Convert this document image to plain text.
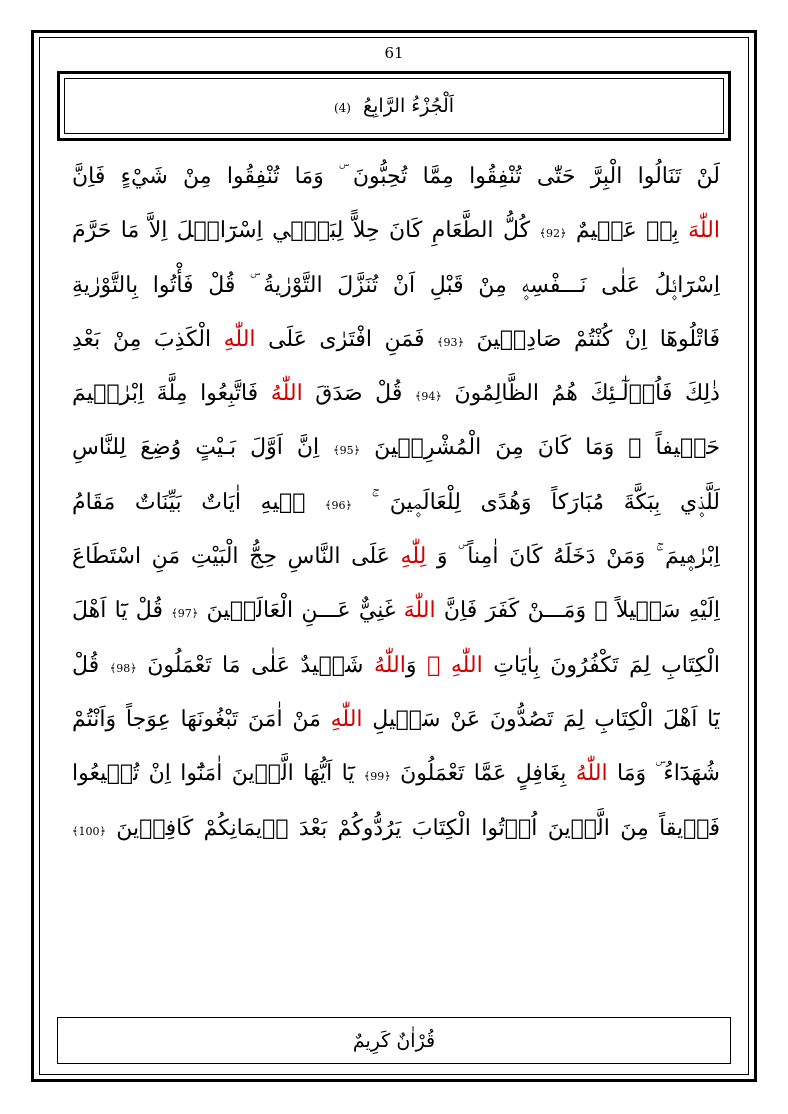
61
اَلْجُزْءُ الرَّابِعُ (4)
لَنْ تَنَالُوا الْبِرَّ حَتّٰى تُنْفِقُوا مِمَّا تُحِبُّونَ ۜ وَمَا تُنْفِقُوا مِنْ شَيْءٍ فَاِنَّ
اللّٰهَ بِه۪ عَل۪يمٌ ﴿92﴾ كُلُّ الطَّعَامِ كَانَ حِلاًّ لِبَن۪ٓي اِسْرَٓائ۪لَ اِلاَّ مَا حَرَّمَ
اِسْرَٓائ۪لُ عَلٰى نَـــفْسِه۪ مِنْ قَبْلِ اَنْ تُنَزَّلَ التَّوْرٰيةُ ۜ قُلْ فَأْتُوا بِالتَّوْرٰيةِ
فَاتْلُوهَٓا اِنْ كُنْتُمْ صَادِق۪ينَ ﴿93﴾ فَمَنِ افْتَرٰى عَلَى اللّٰهِ الْكَذِبَ مِنْ بَعْدِ
ذٰلِكَ فَاُو۬لٰٓـئِكَ هُمُ الظَّالِمُونَ ﴿94﴾ قُلْ صَدَقَ اللّٰهُ فَاتَّبِعُوا مِلَّةَ اِبْرٰه۪يمَ
حَن۪يفاً ۜ وَمَا كَانَ مِنَ الْمُشْرِك۪ينَ ﴿95﴾ اِنَّ اَوَّلَ بَـيْتٍ وُضِعَ لِلنَّاسِ
لَلَّذ۪ي بِبَكَّةَ مُبَارَكاً وَهُدًى لِلْعَالَم۪ينَ ۚ ﴿96﴾ ف۪يهِ اٰيَاتٌ بَيِّنَاتٌ مَقَامُ
اِبْرٰه۪يمَ ۚ وَمَنْ دَخَلَهُ كَانَ اٰمِناً ۜ وَ لِلّٰهِ عَلَى النَّاسِ حِجُّ الْبَيْتِ مَنِ اسْتَطَاعَ
اِلَيْهِ سَب۪يلاً ۜ وَمَـــنْ كَفَرَ فَاِنَّ اللّٰهَ غَنِيٌّ عَـــنِ الْعَالَم۪ينَ ﴿97﴾ قُلْ يَٓا اَهْلَ
الْكِتَابِ لِمَ تَكْفُرُونَ بِاٰيَاتِ اللّٰهِ ۗ وَاللّٰهُ شَه۪يدٌ عَلٰى مَا تَعْمَلُونَ ﴿98﴾ قُلْ
يَٓا اَهْلَ الْكِتَابِ لِمَ تَصُدُّونَ عَنْ سَب۪يلِ اللّٰهِ مَنْ اٰمَنَ تَبْغُونَهَا عِوَجاً وَاَنْتُمْ
شُهَدَٓاءُ ۜ وَمَا اللّٰهُ بِغَافِلٍ عَمَّا تَعْمَلُونَ ﴿99﴾ يَٓا اَيُّهَا الَّذ۪ينَ اٰمَنُٓوا اِنْ تُط۪يعُوا
فَر۪يقاً مِنَ الَّذ۪ينَ اُو۫تُوا الْكِتَابَ يَرُدُّوكُمْ بَعْدَ ا۪يمَانِكُمْ كَافِر۪ينَ ﴿100﴾
قُرْاٰنٌ كَرِيمٌ
